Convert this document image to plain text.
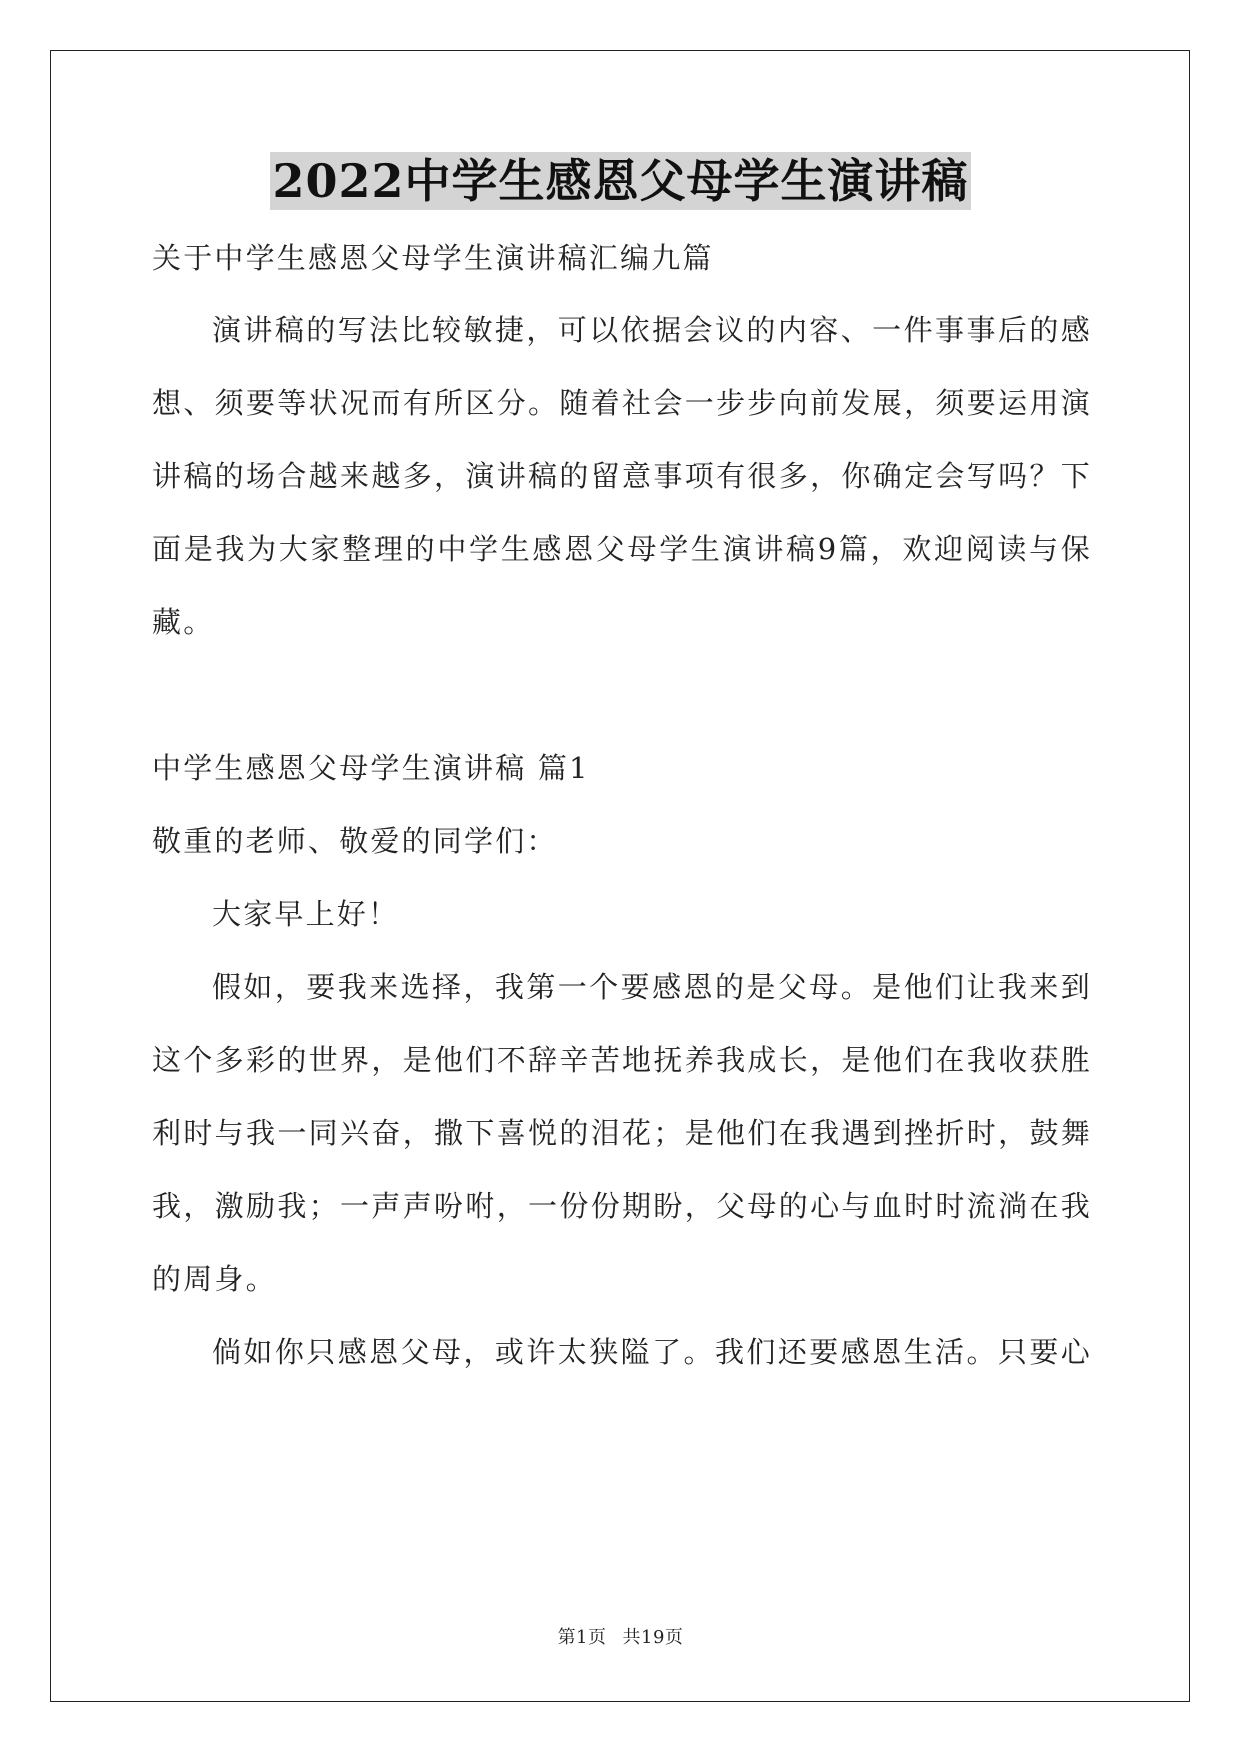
2022中学生感恩父母学生演讲稿
关于中学生感恩父母学生演讲稿汇编九篇
演讲稿的写法比较敏捷，可以依据会议的内容、一件事事后的感
想、须要等状况而有所区分。随着社会一步步向前发展，须要运用演
讲稿的场合越来越多，演讲稿的留意事项有很多，你确定会写吗？下
面是我为大家整理的中学生感恩父母学生演讲稿9篇，欢迎阅读与保
藏。
中学生感恩父母学生演讲稿 篇1
敬重的老师、敬爱的同学们：
大家早上好！
假如，要我来选择，我第一个要感恩的是父母。是他们让我来到
这个多彩的世界，是他们不辞辛苦地抚养我成长，是他们在我收获胜
利时与我一同兴奋，撒下喜悦的泪花；是他们在我遇到挫折时，鼓舞
我，激励我；一声声吩咐，一份份期盼，父母的心与血时时流淌在我
的周身。
倘如你只感恩父母，或许太狭隘了。我们还要感恩生活。只要心
第1页 共19页
